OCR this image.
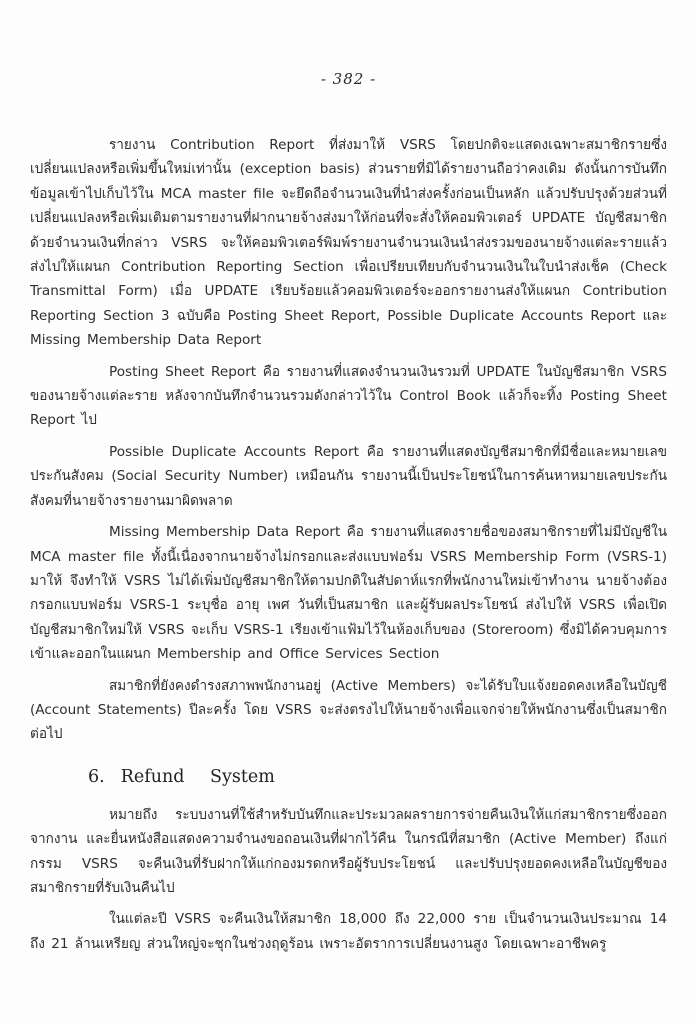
- 382 -

รายงาน Contribution Report ที่ส่งมาให้ VSRS โดยปกติจะแสดงเฉพาะสมาชิกรายซึ่งเปลี่ยนแปลงหรือเพิ่มขึ้นใหม่เท่านั้น (exception basis) ส่วนรายที่มิได้รายงานถือว่าคงเดิม ดังนั้นการบันทึกข้อมูลเข้าไปเก็บไว้ใน MCA master file จะยึดถือจำนวนเงินที่นำส่งครั้งก่อนเป็นหลัก แล้วปรับปรุงด้วยส่วนที่เปลี่ยนแปลงหรือเพิ่มเติมตามรายงานที่ฝากนายจ้างส่งมาให้ก่อนที่จะสั่งให้คอมพิวเตอร์ UPDATE บัญชีสมาชิกด้วยจำนวนเงินที่กล่าว VSRS จะให้คอมพิวเตอร์พิมพ์รายงานจำนวนเงินนำส่งรวมของนายจ้างแต่ละรายแล้วส่งไปให้แผนก Contribution Reporting Section เพื่อเปรียบเทียบกับจำนวนเงินในใบนำส่งเช็ค (Check Transmittal Form) เมื่อ UPDATE เรียบร้อยแล้วคอมพิวเตอร์จะออกรายงานส่งให้แผนก Contribution Reporting Section 3 ฉบับคือ Posting Sheet Report, Possible Duplicate Accounts Report และ Missing Membership Data Report

Posting Sheet Report คือ รายงานที่แสดงจำนวนเงินรวมที่ UPDATE ในบัญชีสมาชิก VSRS ของนายจ้างแต่ละราย หลังจากบันทึกจำนวนรวมดังกล่าวไว้ใน Control Book แล้วก็จะทิ้ง Posting Sheet Report ไป

Possible Duplicate Accounts Report คือ รายงานที่แสดงบัญชีสมาชิกที่มีชื่อและหมายเลขประกันสังคม (Social Security Number) เหมือนกัน รายงานนี้เป็นประโยชน์ในการค้นหาหมายเลขประกันสังคมที่นายจ้างรายงานมาผิดพลาด

Missing Membership Data Report คือ รายงานที่แสดงรายชื่อของสมาชิกรายที่ไม่มีบัญชีใน MCA master file ทั้งนี้เนื่องจากนายจ้างไม่กรอกและส่งแบบฟอร์ม VSRS Membership Form (VSRS-1) มาให้ จึงทำให้ VSRS ไม่ได้เพิ่มบัญชีสมาชิกให้ตามปกติในสัปดาห์แรกที่พนักงานใหม่เข้าทำงาน นายจ้างต้องกรอกแบบฟอร์ม VSRS-1 ระบุชื่อ อายุ เพศ วันที่เป็นสมาชิก และผู้รับผลประโยชน์ ส่งไปให้ VSRS เพื่อเปิดบัญชีสมาชิกใหม่ให้ VSRS จะเก็บ VSRS-1 เรียงเข้าแฟ้มไว้ในห้องเก็บของ (Storeroom) ซึ่งมิได้ควบคุมการเข้าและออกในแผนก Membership and Office Services Section

สมาชิกที่ยังคงดำรงสภาพพนักงานอยู่ (Active Members) จะได้รับใบแจ้งยอดคงเหลือในบัญชี (Account Statements) ปีละครั้ง โดย VSRS จะส่งตรงไปให้นายจ้างเพื่อแจกจ่ายให้พนักงานซึ่งเป็นสมาชิกต่อไป

6. Refund System

หมายถึง ระบบงานที่ใช้สำหรับบันทึกและประมวลผลรายการจ่ายคืนเงินให้แก่สมาชิกรายซึ่งออกจากงาน และยื่นหนังสือแสดงความจำนงขอถอนเงินที่ฝากไว้คืน ในกรณีที่สมาชิก (Active Member) ถึงแก่กรรม VSRS จะคืนเงินที่รับฝากให้แก่กองมรดกหรือผู้รับประโยชน์ และปรับปรุงยอดคงเหลือในบัญชีของสมาชิกรายที่รับเงินคืนไป

ในแต่ละปี VSRS จะคืนเงินให้สมาชิก 18,000 ถึง 22,000 ราย เป็นจำนวนเงินประมาณ 14 ถึง 21 ล้านเหรียญ ส่วนใหญ่จะชุกในช่วงฤดูร้อน เพราะอัตราการเปลี่ยนงานสูง โดยเฉพาะอาชีพครู
